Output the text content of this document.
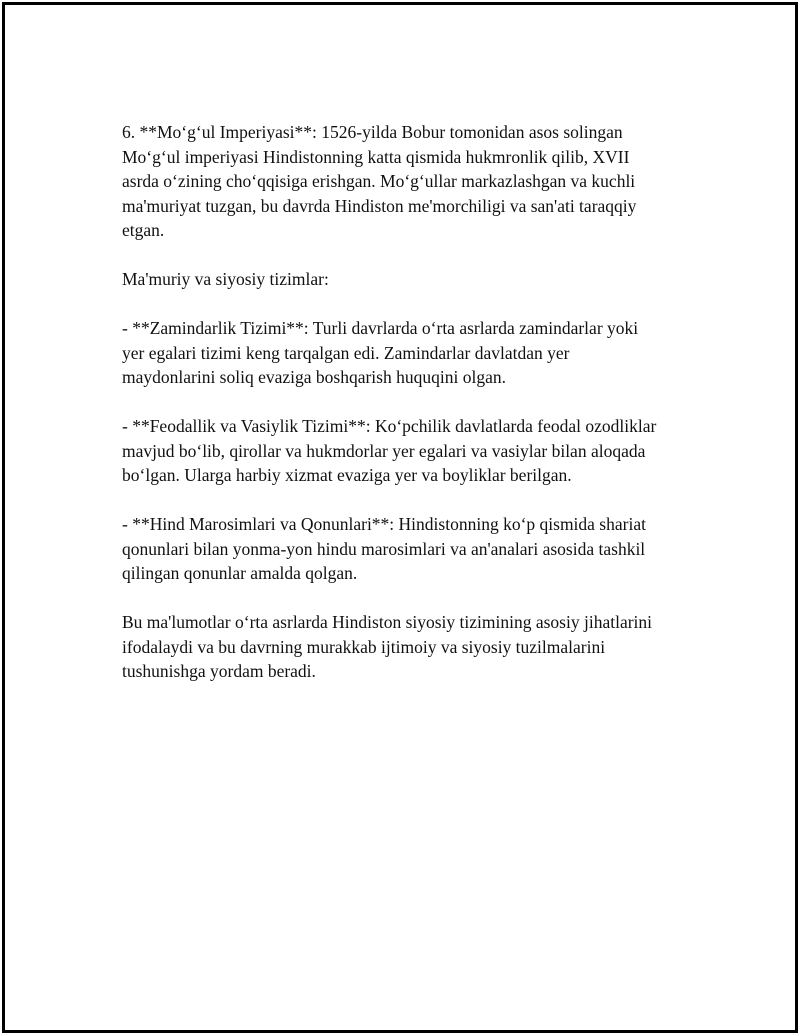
6. **Mo‘g‘ul Imperiyasi**: 1526-yilda Bobur tomonidan asos solingan
Mo‘g‘ul imperiyasi Hindistonning katta qismida hukmronlik qilib, XVII
asrda o‘zining cho‘qqisiga erishgan. Mo‘g‘ullar markazlashgan va kuchli
ma'muriyat tuzgan, bu davrda Hindiston me'morchiligi va san'ati taraqqiy
etgan.

Ma'muriy va siyosiy tizimlar:

- **Zamindarlik Tizimi**: Turli davrlarda o‘rta asrlarda zamindarlar yoki
yer egalari tizimi keng tarqalgan edi. Zamindarlar davlatdan yer
maydonlarini soliq evaziga boshqarish huquqini olgan.

- **Feodallik va Vasiylik Tizimi**: Ko‘pchilik davlatlarda feodal ozodliklar
mavjud bo‘lib, qirollar va hukmdorlar yer egalari va vasiylar bilan aloqada
bo‘lgan. Ularga harbiy xizmat evaziga yer va boyliklar berilgan.

- **Hind Marosimlari va Qonunlari**: Hindistonning ko‘p qismida shariat
qonunlari bilan yonma-yon hindu marosimlari va an'analari asosida tashkil
qilingan qonunlar amalda qolgan.

Bu ma'lumotlar o‘rta asrlarda Hindiston siyosiy tizimining asosiy jihatlarini
ifodalaydi va bu davrning murakkab ijtimoiy va siyosiy tuzilmalarini
tushunishga yordam beradi.
